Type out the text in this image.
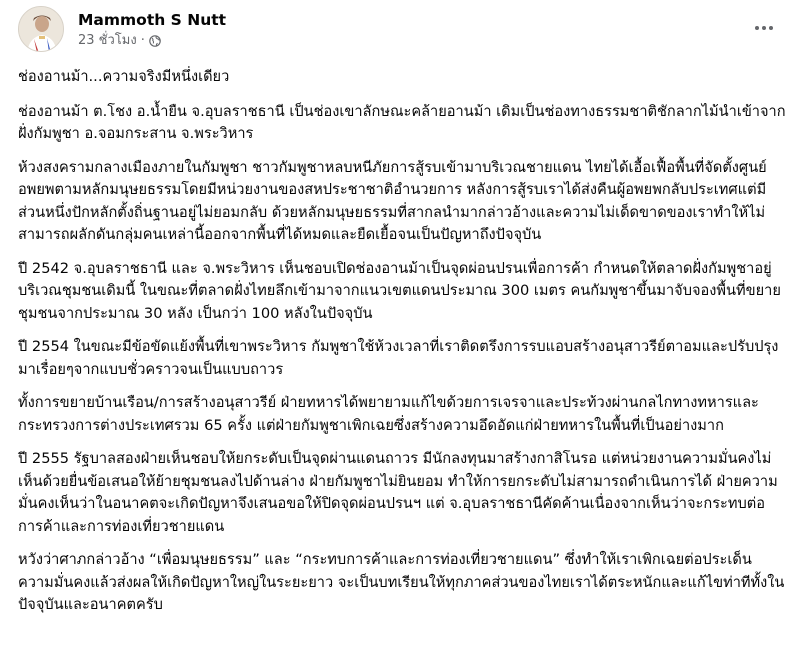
Mammoth S Nutt
23 ชั่วโมง ·

ช่องอานม้า...ความจริงมีหนึ่งเดียว

ช่องอานม้า ต.โชง อ.น้ำยืน จ.อุบลราชธานี เป็นช่องเขาลักษณะคล้ายอานม้า เดิมเป็นช่องทางธรรมชาติชักลากไม้นำเข้าจากฝั่งกัมพูชา อ.จอมกระสาน จ.พระวิหาร

ห้วงสงครามกลางเมืองภายในกัมพูชา ชาวกัมพูชาหลบหนีภัยการสู้รบเข้ามาบริเวณชายแดน ไทยได้เอื้อเฟื้อพื้นที่จัดตั้งศูนย์อพยพตามหลักมนุษยธรรมโดยมีหน่วยงานของสหประชาชาติอำนวยการ หลังการสู้รบเราได้ส่งคืนผู้อพยพกลับประเทศแต่มีส่วนหนึ่งปักหลักตั้งถิ่นฐานอยู่ไม่ยอมกลับ ด้วยหลักมนุษยธรรมที่สากลนำมากล่าวอ้างและความไม่เด็ดขาดของเราทำให้ไม่สามารถผลักดันกลุ่มคนเหล่านี้ออกจากพื้นที่ได้หมดและยืดเยื้อจนเป็นปัญหาถึงปัจจุบัน

ปี 2542 จ.อุบลราชธานี และ จ.พระวิหาร เห็นชอบเปิดช่องอานม้าเป็นจุดผ่อนปรนเพื่อการค้า กำหนดให้ตลาดฝั่งกัมพูชาอยู่บริเวณชุมชนเดิมนี้ ในขณะที่ตลาดฝั่งไทยลึกเข้ามาจากแนวเขตแดนประมาณ 300 เมตร คนกัมพูชาขึ้นมาจับจองพื้นที่ขยายชุมชนจากประมาณ 30 หลัง เป็นกว่า 100 หลังในปัจจุบัน

ปี 2554 ในขณะมีข้อขัดแย้งพื้นที่เขาพระวิหาร กัมพูชาใช้ห้วงเวลาที่เราติดตรึงการรบแอบสร้างอนุสาวรีย์ตาอมและปรับปรุงมาเรื่อยๆจากแบบชั่วคราวจนเป็นแบบถาวร

ทั้งการขยายบ้านเรือน/การสร้างอนุสาวรีย์ ฝ่ายทหารได้พยายามแก้ไขด้วยการเจรจาและประท้วงผ่านกลไกทางทหารและกระทรวงการต่างประเทศรวม 65 ครั้ง แต่ฝ่ายกัมพูชาเพิกเฉยซึ่งสร้างความอึดอัดแก่ฝ่ายทหารในพื้นที่เป็นอย่างมาก

ปี 2555 รัฐบาลสองฝ่ายเห็นชอบให้ยกระดับเป็นจุดผ่านแดนถาวร มีนักลงทุนมาสร้างกาสิโนรอ แต่หน่วยงานความมั่นคงไม่เห็นด้วยยื่นข้อเสนอให้ย้ายชุมชนลงไปด้านล่าง ฝ่ายกัมพูชาไม่ยินยอม ทำให้การยกระดับไม่สามารถดำเนินการได้ ฝ่ายความมั่นคงเห็นว่าในอนาคตจะเกิดปัญหาจึงเสนอขอให้ปิดจุดผ่อนปรนฯ แต่ จ.อุบลราชธานีคัดค้านเนื่องจากเห็นว่าจะกระทบต่อการค้าและการท่องเที่ยวชายแดน

หวังว่าศาภกล่าวอ้าง “เพื่อมนุษยธรรม” และ “กระทบการค้าและการท่องเที่ยวชายแดน” ซึ่งทำให้เราเพิกเฉยต่อประเด็นความมั่นคงแล้วส่งผลให้เกิดปัญหาใหญ่ในระยะยาว จะเป็นบทเรียนให้ทุกภาคส่วนของไทยเราได้ตระหนักและแก้ไขท่าทีทั้งในปัจจุบันและอนาคตครับ
